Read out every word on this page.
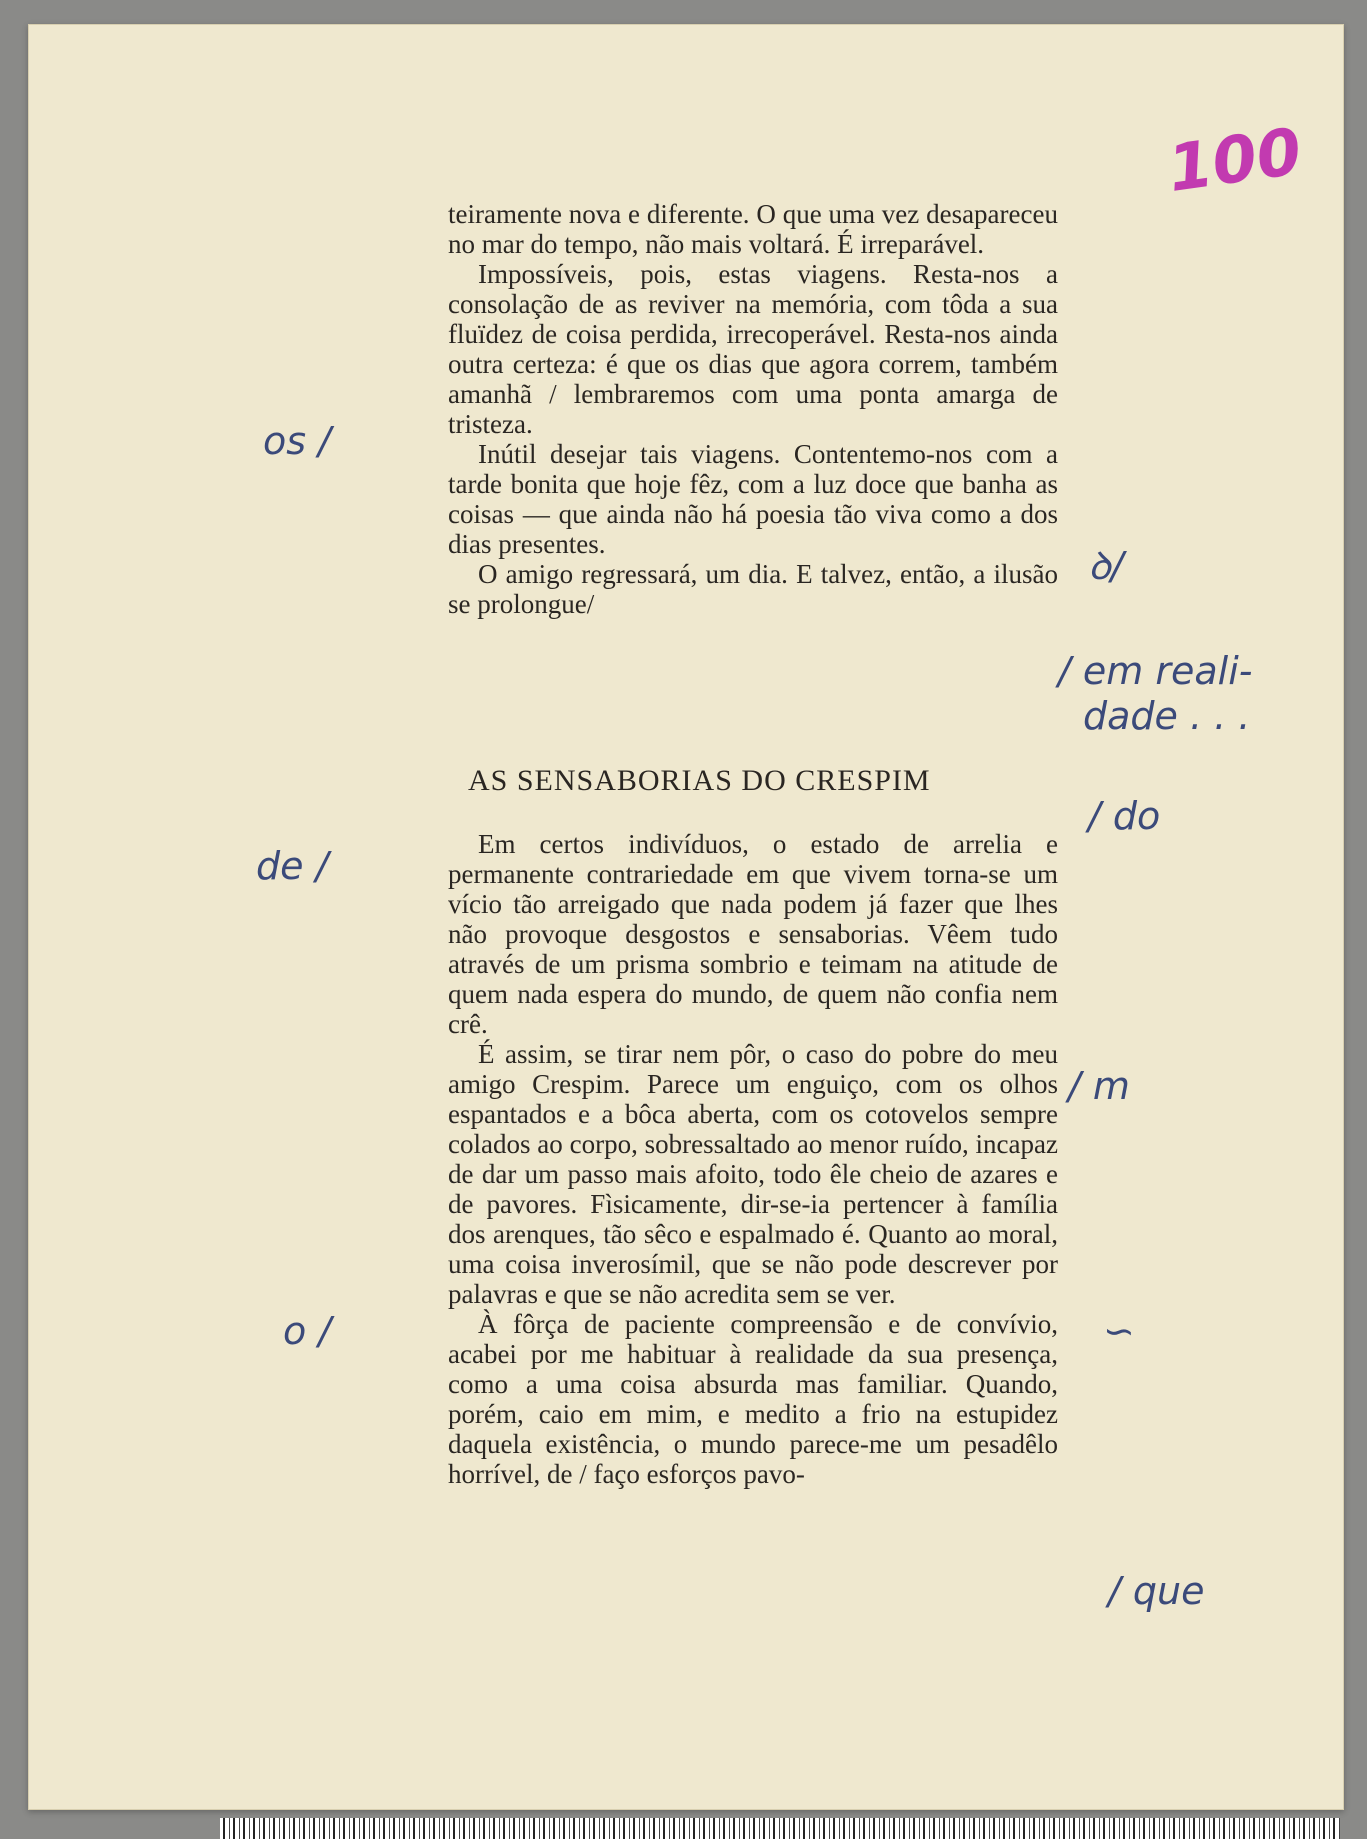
100

teiramente nova e diferente. O que uma vez desapareceu no mar do tempo, não mais voltará. É irreparável.

Impossíveis, pois, estas viagens. Resta-nos a consolação de as reviver na memória, com tôda a sua fluïdez de coisa perdida, irrecoperável. Resta-nos ainda outra certeza: é que os dias que agora correm, também amanhã / lembraremos com uma ponta amarga de tristeza.

Inútil desejar tais viagens. Contentemo-nos com a tarde bonita que hoje fêz, com a luz doce que banha as coisas — que ainda não há poesia tão viva como a dos dias presentes.

O amigo regressará, um dia. E talvez, então, a ilusão se prolongue/

AS SENSABORIAS DO CRESPIM

Em certos indivíduos, o estado de arrelia e permanente contrariedade em que vivem torna-se um vício tão arreigado que nada podem já fazer que lhes não provoque desgostos e sensaborias. Vêem tudo através de um prisma sombrio e teimam na atitude de quem nada espera do mundo, de quem não confia nem crê.

É assim, se tirar nem pôr, o caso do pobre do meu amigo Crespim. Parece um enguiço, com os olhos espantados e a bôca aberta, com os cotovelos sempre colados ao corpo, sobressaltado ao menor ruído, incapaz de dar um passo mais afoito, todo êle cheio de azares e de pavores. Fìsicamente, dir-se-ia pertencer à família dos arenques, tão sêco e espalmado é. Quanto ao moral, uma coisa inverosímil, que se não pode descrever por palavras e que se não acredita sem se ver.

À fôrça de paciente compreensão e de convívio, acabei por me habituar à realidade da sua presença, como a uma coisa absurda mas familiar. Quando, porém, caio em mim, e medito a frio na estupidez daquela existência, o mundo parece-me um pesadêlo horrível, de / faço esforços pavo-

os /
de /
o /
ꝺ/
/ em reali-
dade . . .
/ do
/ m
∽
/ que
